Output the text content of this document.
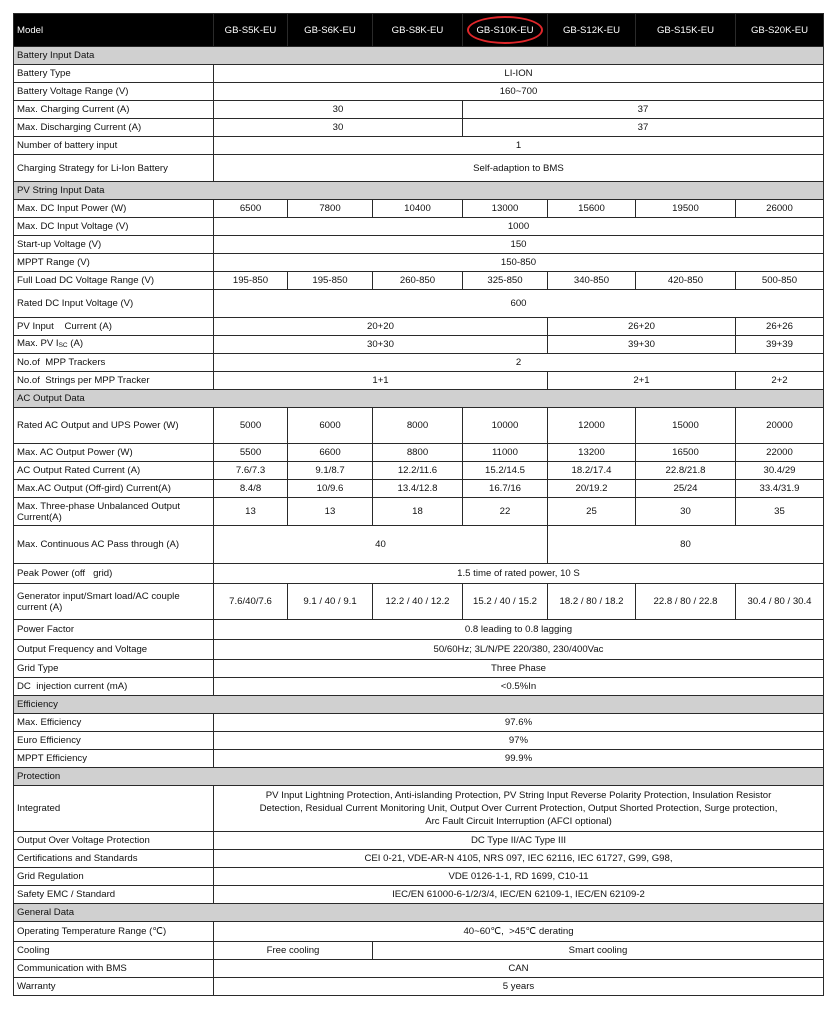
Model	GB-S5K-EU	GB-S6K-EU	GB-S8K-EU	GB-S10K-EU	GB-S12K-EU	GB-S15K-EU	GB-S20K-EU
Battery Input Data							
Battery Type	LI-ION						
Battery Voltage Range (V)	160~700						
Max. Charging Current (A)	30			37			
Max. Discharging Current (A)	30			37			
Number of battery input	1						
Charging Strategy for Li-Ion Battery	Self-adaption to BMS						
PV String Input Data							
Max. DC Input Power (W)	6500	7800	10400	13000	15600	19500	26000
Max. DC Input Voltage (V)	1000						
Start-up Voltage (V)	150						
MPPT Range (V)	150-850						
Full Load DC Voltage Range (V)	195-850	195-850	260-850	325-850	340-850	420-850	500-850
Rated DC Input Voltage (V)	600						
PV Input    Current (A)	20+20				26+20		26+26
Max. PV ISC (A)	30+30				39+30		39+39
No.of  MPP Trackers	2						
No.of  Strings per MPP Tracker	1+1				2+1		2+2
AC Output Data							
Rated AC Output and UPS Power (W)	5000	6000	8000	10000	12000	15000	20000
Max. AC Output Power (W)	5500	6600	8800	11000	13200	16500	22000
AC Output Rated Current (A)	7.6/7.3	9.1/8.7	12.2/11.6	15.2/14.5	18.2/17.4	22.8/21.8	30.4/29
Max.AC Output (Off-gird) Current(A)	8.4/8	10/9.6	13.4/12.8	16.7/16	20/19.2	25/24	33.4/31.9
Max. Three-phase Unbalanced Output Current(A)	13	13	18	22	25	30	35
Max. Continuous AC Pass through (A)	40				80		
Peak Power (off   grid)	1.5 time of rated power, 10 S						
Generator input/Smart load/AC couple current (A)	7.6/40/7.6	9.1 / 40 / 9.1	12.2 / 40 / 12.2	15.2 / 40 / 15.2	18.2 / 80 / 18.2	22.8 / 80 / 22.8	30.4 / 80 / 30.4
Power Factor	0.8 leading to 0.8 lagging						
Output Frequency and Voltage	50/60Hz; 3L/N/PE 220/380, 230/400Vac						
Grid Type	Three Phase						
DC  injection current (mA)	<0.5%In						
Efficiency							
Max. Efficiency	97.6%						
Euro Efficiency	97%						
MPPT Efficiency	99.9%						
Protection							
Integrated	PV Input Lightning Protection, Anti-islanding Protection, PV String Input Reverse Polarity Protection, Insulation Resistor
Detection, Residual Current Monitoring Unit, Output Over Current Protection, Output Shorted Protection, Surge protection,
Arc Fault Circuit Interruption (AFCI optional)						

Output Over Voltage Protection	DC Type II/AC Type III						
Certifications and Standards	CEI 0-21, VDE-AR-N 4105, NRS 097, IEC 62116, IEC 61727, G99, G98,						
Grid Regulation	VDE 0126-1-1, RD 1699, C10-11						
Safety EMC / Standard	IEC/EN 61000-6-1/2/3/4, IEC/EN 62109-1, IEC/EN 62109-2						
General Data							
Operating Temperature Range (℃)	40~60℃,  >45℃ derating						
Cooling	Free cooling		Smart cooling				
Communication with BMS	CAN						
Warranty	5 years						
